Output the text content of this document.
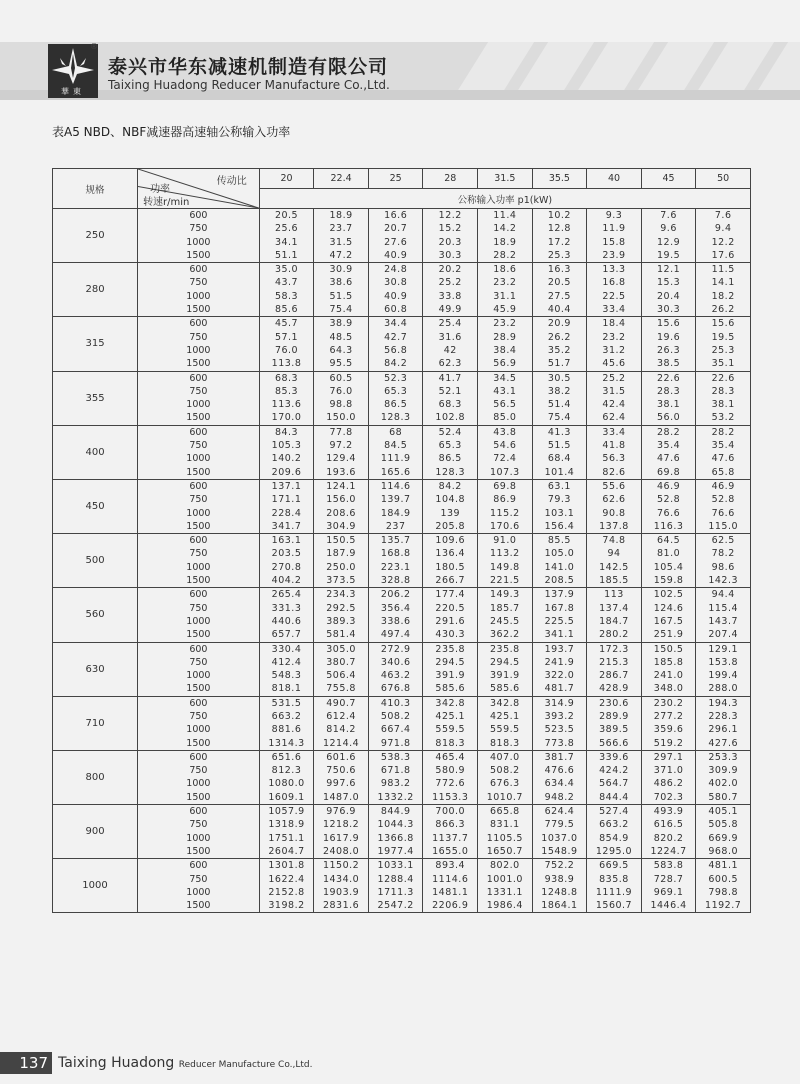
華東
®
泰兴市华东减速机制造有限公司
Taixing Huadong Reducer Manufacture Co.,Ltd.
表A5 NBD、NBF减速器高速轴公称输入功率
规格	传动比
功率
转速r/min	20	22.4	25	28	31.5	35.5	40	45	50
		公称输入功率 p1(kW)								
250	600	20.5	18.9	16.6	12.2	11.4	10.2	9.3	7.6	7.6
	750	25.6	23.7	20.7	15.2	14.2	12.8	11.9	9.6	9.4
	1000	34.1	31.5	27.6	20.3	18.9	17.2	15.8	12.9	12.2
	1500	51.1	47.2	40.9	30.3	28.2	25.3	23.9	19.5	17.6
280	600	35.0	30.9	24.8	20.2	18.6	16.3	13.3	12.1	11.5
	750	43.7	38.6	30.8	25.2	23.2	20.5	16.8	15.3	14.1
	1000	58.3	51.5	40.9	33.8	31.1	27.5	22.5	20.4	18.2
	1500	85.6	75.4	60.8	49.9	45.9	40.4	33.4	30.3	26.2
315	600	45.7	38.9	34.4	25.4	23.2	20.9	18.4	15.6	15.6
	750	57.1	48.5	42.7	31.6	28.9	26.2	23.2	19.6	19.5
	1000	76.0	64.3	56.8	42	38.4	35.2	31.2	26.3	25.3
	1500	113.8	95.5	84.2	62.3	56.9	51.7	45.6	38.5	35.1
355	600	68.3	60.5	52.3	41.7	34.5	30.5	25.2	22.6	22.6
	750	85.3	76.0	65.3	52.1	43.1	38.2	31.5	28.3	28.3
	1000	113.6	98.8	86.5	68.3	56.5	51.4	42.4	38.1	38.1
	1500	170.0	150.0	128.3	102.8	85.0	75.4	62.4	56.0	53.2
400	600	84.3	77.8	68	52.4	43.8	41.3	33.4	28.2	28.2
	750	105.3	97.2	84.5	65.3	54.6	51.5	41.8	35.4	35.4
	1000	140.2	129.4	111.9	86.5	72.4	68.4	56.3	47.6	47.6
	1500	209.6	193.6	165.6	128.3	107.3	101.4	82.6	69.8	65.8
450	600	137.1	124.1	114.6	84.2	69.8	63.1	55.6	46.9	46.9
	750	171.1	156.0	139.7	104.8	86.9	79.3	62.6	52.8	52.8
	1000	228.4	208.6	184.9	139	115.2	103.1	90.8	76.6	76.6
	1500	341.7	304.9	237	205.8	170.6	156.4	137.8	116.3	115.0
500	600	163.1	150.5	135.7	109.6	91.0	85.5	74.8	64.5	62.5
	750	203.5	187.9	168.8	136.4	113.2	105.0	94	81.0	78.2
	1000	270.8	250.0	223.1	180.5	149.8	141.0	142.5	105.4	98.6
	1500	404.2	373.5	328.8	266.7	221.5	208.5	185.5	159.8	142.3
560	600	265.4	234.3	206.2	177.4	149.3	137.9	113	102.5	94.4
	750	331.3	292.5	356.4	220.5	185.7	167.8	137.4	124.6	115.4
	1000	440.6	389.3	338.6	291.6	245.5	225.5	184.7	167.5	143.7
	1500	657.7	581.4	497.4	430.3	362.2	341.1	280.2	251.9	207.4
630	600	330.4	305.0	272.9	235.8	235.8	193.7	172.3	150.5	129.1
	750	412.4	380.7	340.6	294.5	294.5	241.9	215.3	185.8	153.8
	1000	548.3	506.4	463.2	391.9	391.9	322.0	286.7	241.0	199.4
	1500	818.1	755.8	676.8	585.6	585.6	481.7	428.9	348.0	288.0
710	600	531.5	490.7	410.3	342.8	342.8	314.9	230.6	230.2	194.3
	750	663.2	612.4	508.2	425.1	425.1	393.2	289.9	277.2	228.3
	1000	881.6	814.2	667.4	559.5	559.5	523.5	389.5	359.6	296.1
	1500	1314.3	1214.4	971.8	818.3	818.3	773.8	566.6	519.2	427.6
800	600	651.6	601.6	538.3	465.4	407.0	381.7	339.6	297.1	253.3
	750	812.3	750.6	671.8	580.9	508.2	476.6	424.2	371.0	309.9
	1000	1080.0	997.6	983.2	772.6	676.3	634.4	564.7	486.2	402.0
	1500	1609.1	1487.0	1332.2	1153.3	1010.7	948.2	844.4	702.3	580.7
900	600	1057.9	976.9	844.9	700.0	665.8	624.4	527.4	493.9	405.1
	750	1318.9	1218.2	1044.3	866.3	831.1	779.5	663.2	616.5	505.8
	1000	1751.1	1617.9	1366.8	1137.7	1105.5	1037.0	854.9	820.2	669.9
	1500	2604.7	2408.0	1977.4	1655.0	1650.7	1548.9	1295.0	1224.7	968.0
1000	600	1301.8	1150.2	1033.1	893.4	802.0	752.2	669.5	583.8	481.1
	750	1622.4	1434.0	1288.4	1114.6	1001.0	938.9	835.8	728.7	600.5
	1000	2152.8	1903.9	1711.3	1481.1	1331.1	1248.8	1111.9	969.1	798.8
	1500	3198.2	2831.6	2547.2	2206.9	1986.4	1864.1	1560.7	1446.4	1192.7
137 Taixing Huadong Reducer Manufacture Co.,Ltd.
